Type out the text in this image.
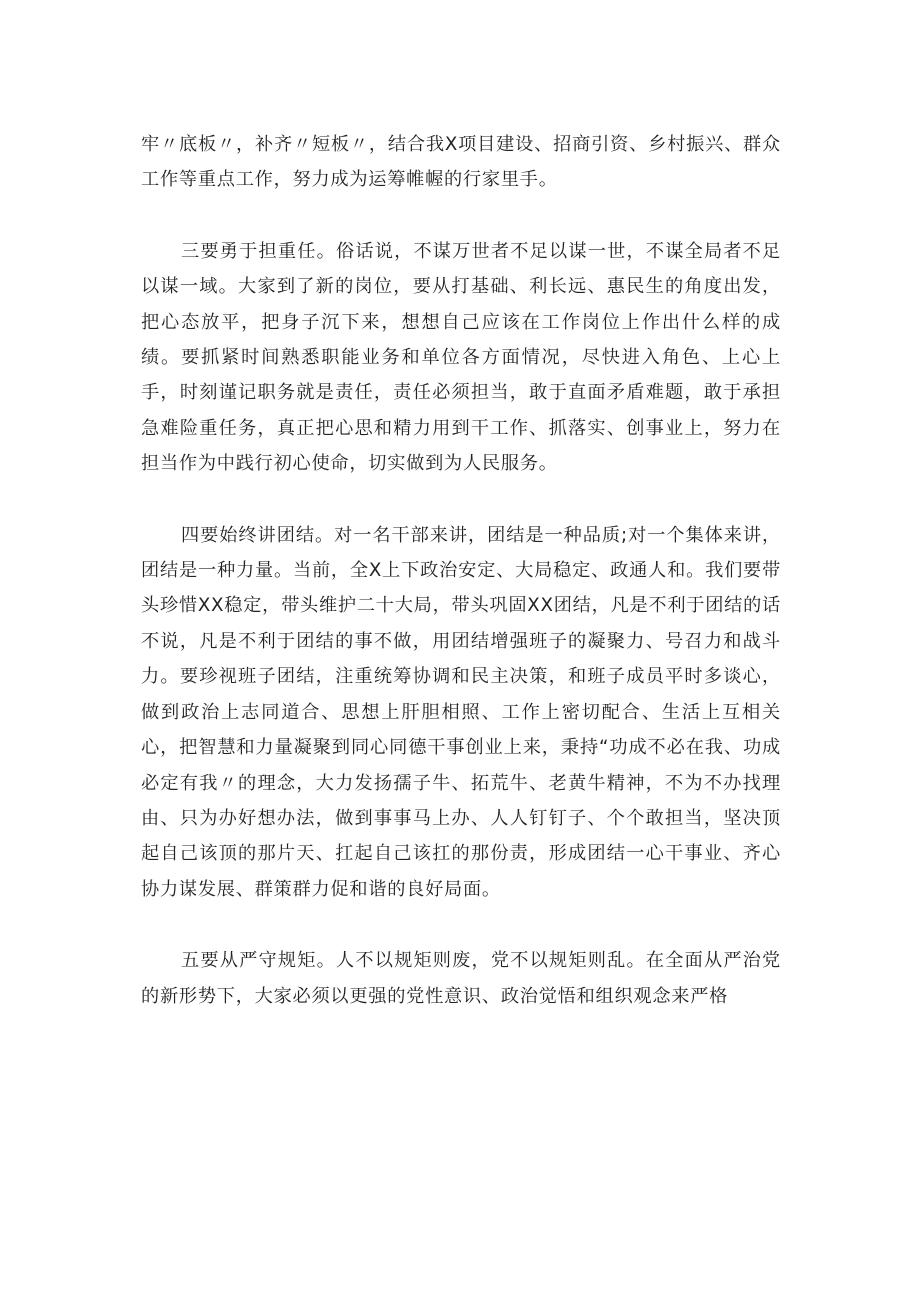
牢〃底板〃，补齐〃短板〃，结合我X项目建设、招商引资、乡村振兴、群众工作等重点工作，努力成为运筹帷幄的行家里手。

三要勇于担重任。俗话说，不谋万世者不足以谋一世，不谋全局者不足以谋一域。大家到了新的岗位，要从打基础、利长远、惠民生的角度出发，把心态放平，把身子沉下来，想想自己应该在工作岗位上作出什么样的成绩。要抓紧时间熟悉职能业务和单位各方面情况，尽快进入角色、上心上手，时刻谨记职务就是责任，责任必须担当，敢于直面矛盾难题，敢于承担急难险重任务，真正把心思和精力用到干工作、抓落实、创事业上，努力在担当作为中践行初心使命，切实做到为人民服务。

四要始终讲团结。对一名干部来讲，团结是一种品质;对一个集体来讲，团结是一种力量。当前，全X上下政治安定、大局稳定、政通人和。我们要带头珍惜XX稳定，带头维护二十大局，带头巩固XX团结，凡是不利于团结的话不说，凡是不利于团结的事不做，用团结增强班子的凝聚力、号召力和战斗力。要珍视班子团结，注重统筹协调和民主决策，和班子成员平时多谈心，做到政治上志同道合、思想上肝胆相照、工作上密切配合、生活上互相关心，把智慧和力量凝聚到同心同德干事创业上来，秉持“功成不必在我、功成必定有我〃的理念，大力发扬孺子牛、拓荒牛、老黄牛精神，不为不办找理由、只为办好想办法，做到事事马上办、人人钉钉子、个个敢担当，坚决顶起自己该顶的那片天、扛起自己该扛的那份责，形成团结一心干事业、齐心协力谋发展、群策群力促和谐的良好局面。

五要从严守规矩。人不以规矩则废，党不以规矩则乱。在全面从严治党的新形势下，大家必须以更强的党性意识、政治觉悟和组织观念来严格
